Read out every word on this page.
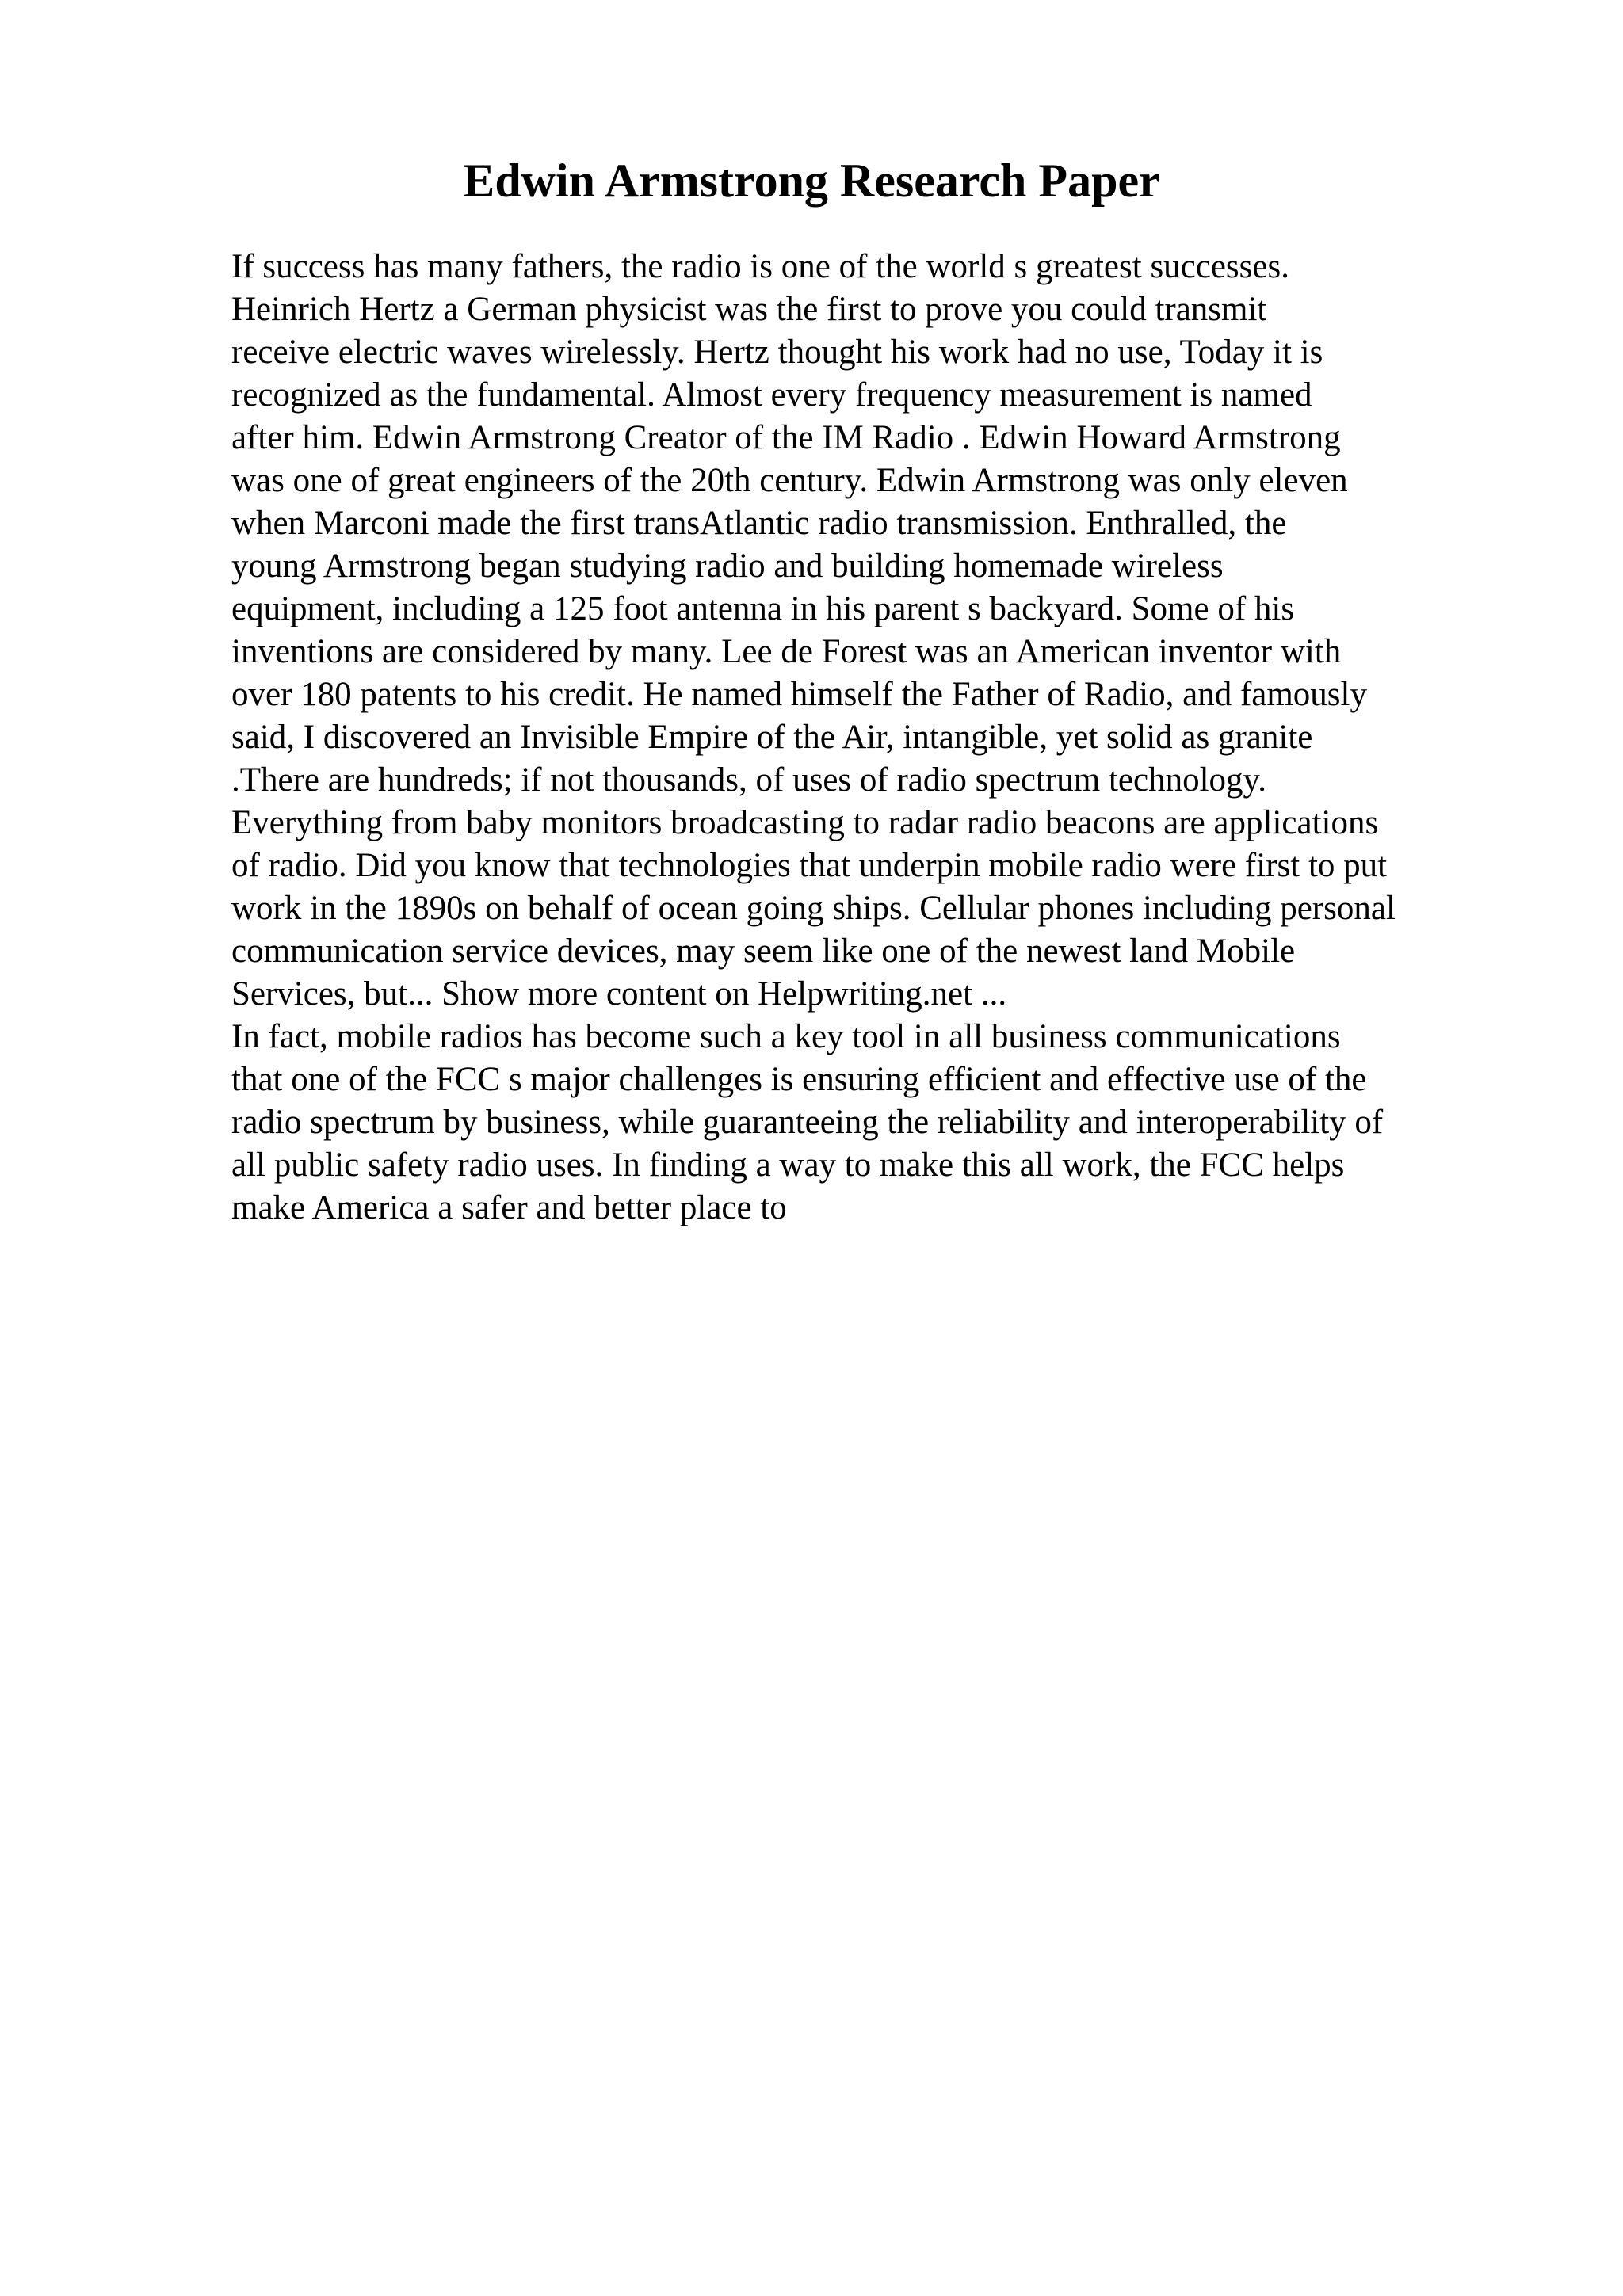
Edwin Armstrong Research Paper
If success has many fathers, the radio is one of the world s greatest successes.
Heinrich Hertz a German physicist was the first to prove you could transmit
receive electric waves wirelessly. Hertz thought his work had no use, Today it is
recognized as the fundamental. Almost every frequency measurement is named
after him. Edwin Armstrong Creator of the IM Radio . Edwin Howard Armstrong
was one of great engineers of the 20th century. Edwin Armstrong was only eleven
when Marconi made the first transAtlantic radio transmission. Enthralled, the
young Armstrong began studying radio and building homemade wireless
equipment, including a 125 foot antenna in his parent s backyard. Some of his
inventions are considered by many. Lee de Forest was an American inventor with
over 180 patents to his credit. He named himself the Father of Radio, and famously
said, I discovered an Invisible Empire of the Air, intangible, yet solid as granite
.There are hundreds; if not thousands, of uses of radio spectrum technology.
Everything from baby monitors broadcasting to radar radio beacons are applications
of radio. Did you know that technologies that underpin mobile radio were first to put
work in the 1890s on behalf of ocean going ships. Cellular phones including personal
communication service devices, may seem like one of the newest land Mobile
Services, but... Show more content on Helpwriting.net ...
In fact, mobile radios has become such a key tool in all business communications
that one of the FCC s major challenges is ensuring efficient and effective use of the
radio spectrum by business, while guaranteeing the reliability and interoperability of
all public safety radio uses. In finding a way to make this all work, the FCC helps
make America a safer and better place to
